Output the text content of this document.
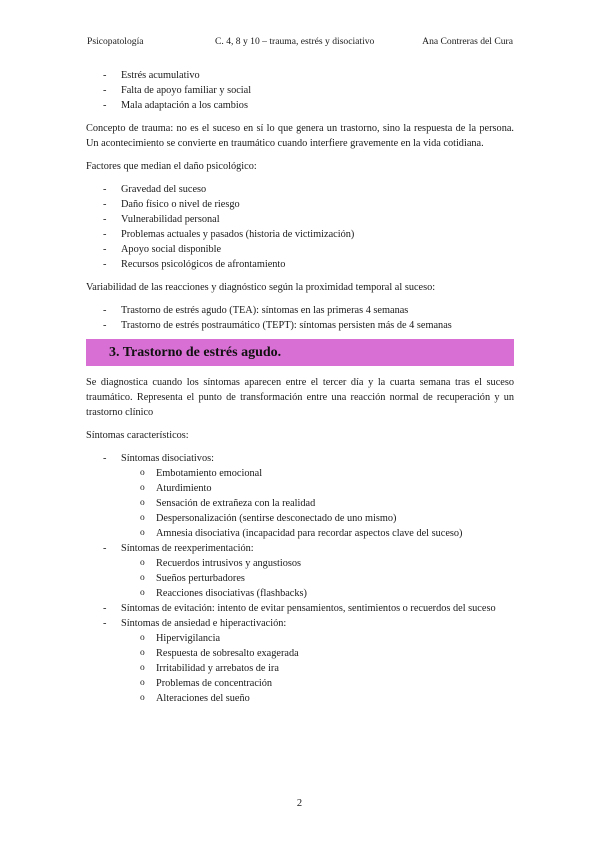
Psicopatología	C. 4, 8 y 10 – trauma, estrés y disociativo	Ana Contreras del Cura
- Estrés acumulativo
- Falta de apoyo familiar y social
- Mala adaptación a los cambios

Concepto de trauma: no es el suceso en sí lo que genera un trastorno, sino la respuesta de la persona. Un acontecimiento se convierte en traumático cuando interfiere gravemente en la vida cotidiana.

Factores que median el daño psicológico:

- Gravedad del suceso
- Daño físico o nivel de riesgo
- Vulnerabilidad personal
- Problemas actuales y pasados (historia de victimización)
- Apoyo social disponible
- Recursos psicológicos de afrontamiento

Variabilidad de las reacciones y diagnóstico según la proximidad temporal al suceso:

- Trastorno de estrés agudo (TEA): síntomas en las primeras 4 semanas
- Trastorno de estrés postraumático (TEPT): síntomas persisten más de 4 semanas
3. Trastorno de estrés agudo.

Se diagnostica cuando los síntomas aparecen entre el tercer día y la cuarta semana tras el suceso traumático. Representa el punto de transformación entre una reacción normal de recuperación y un trastorno clínico

Síntomas característicos:

- Síntomas disociativos:
o Embotamiento emocional
o Aturdimiento
o Sensación de extrañeza con la realidad
o Despersonalización (sentirse desconectado de uno mismo)
o Amnesia disociativa (incapacidad para recordar aspectos clave del suceso)
- Síntomas de reexperimentación:
o Recuerdos intrusivos y angustiosos
o Sueños perturbadores
o Reacciones disociativas (flashbacks)
- Síntomas de evitación: intento de evitar pensamientos, sentimientos o recuerdos del suceso
- Síntomas de ansiedad e hiperactivación:
o Hipervigilancia
o Respuesta de sobresalto exagerada
o Irritabilidad y arrebatos de ira
o Problemas de concentración
o Alteraciones del sueño
2
